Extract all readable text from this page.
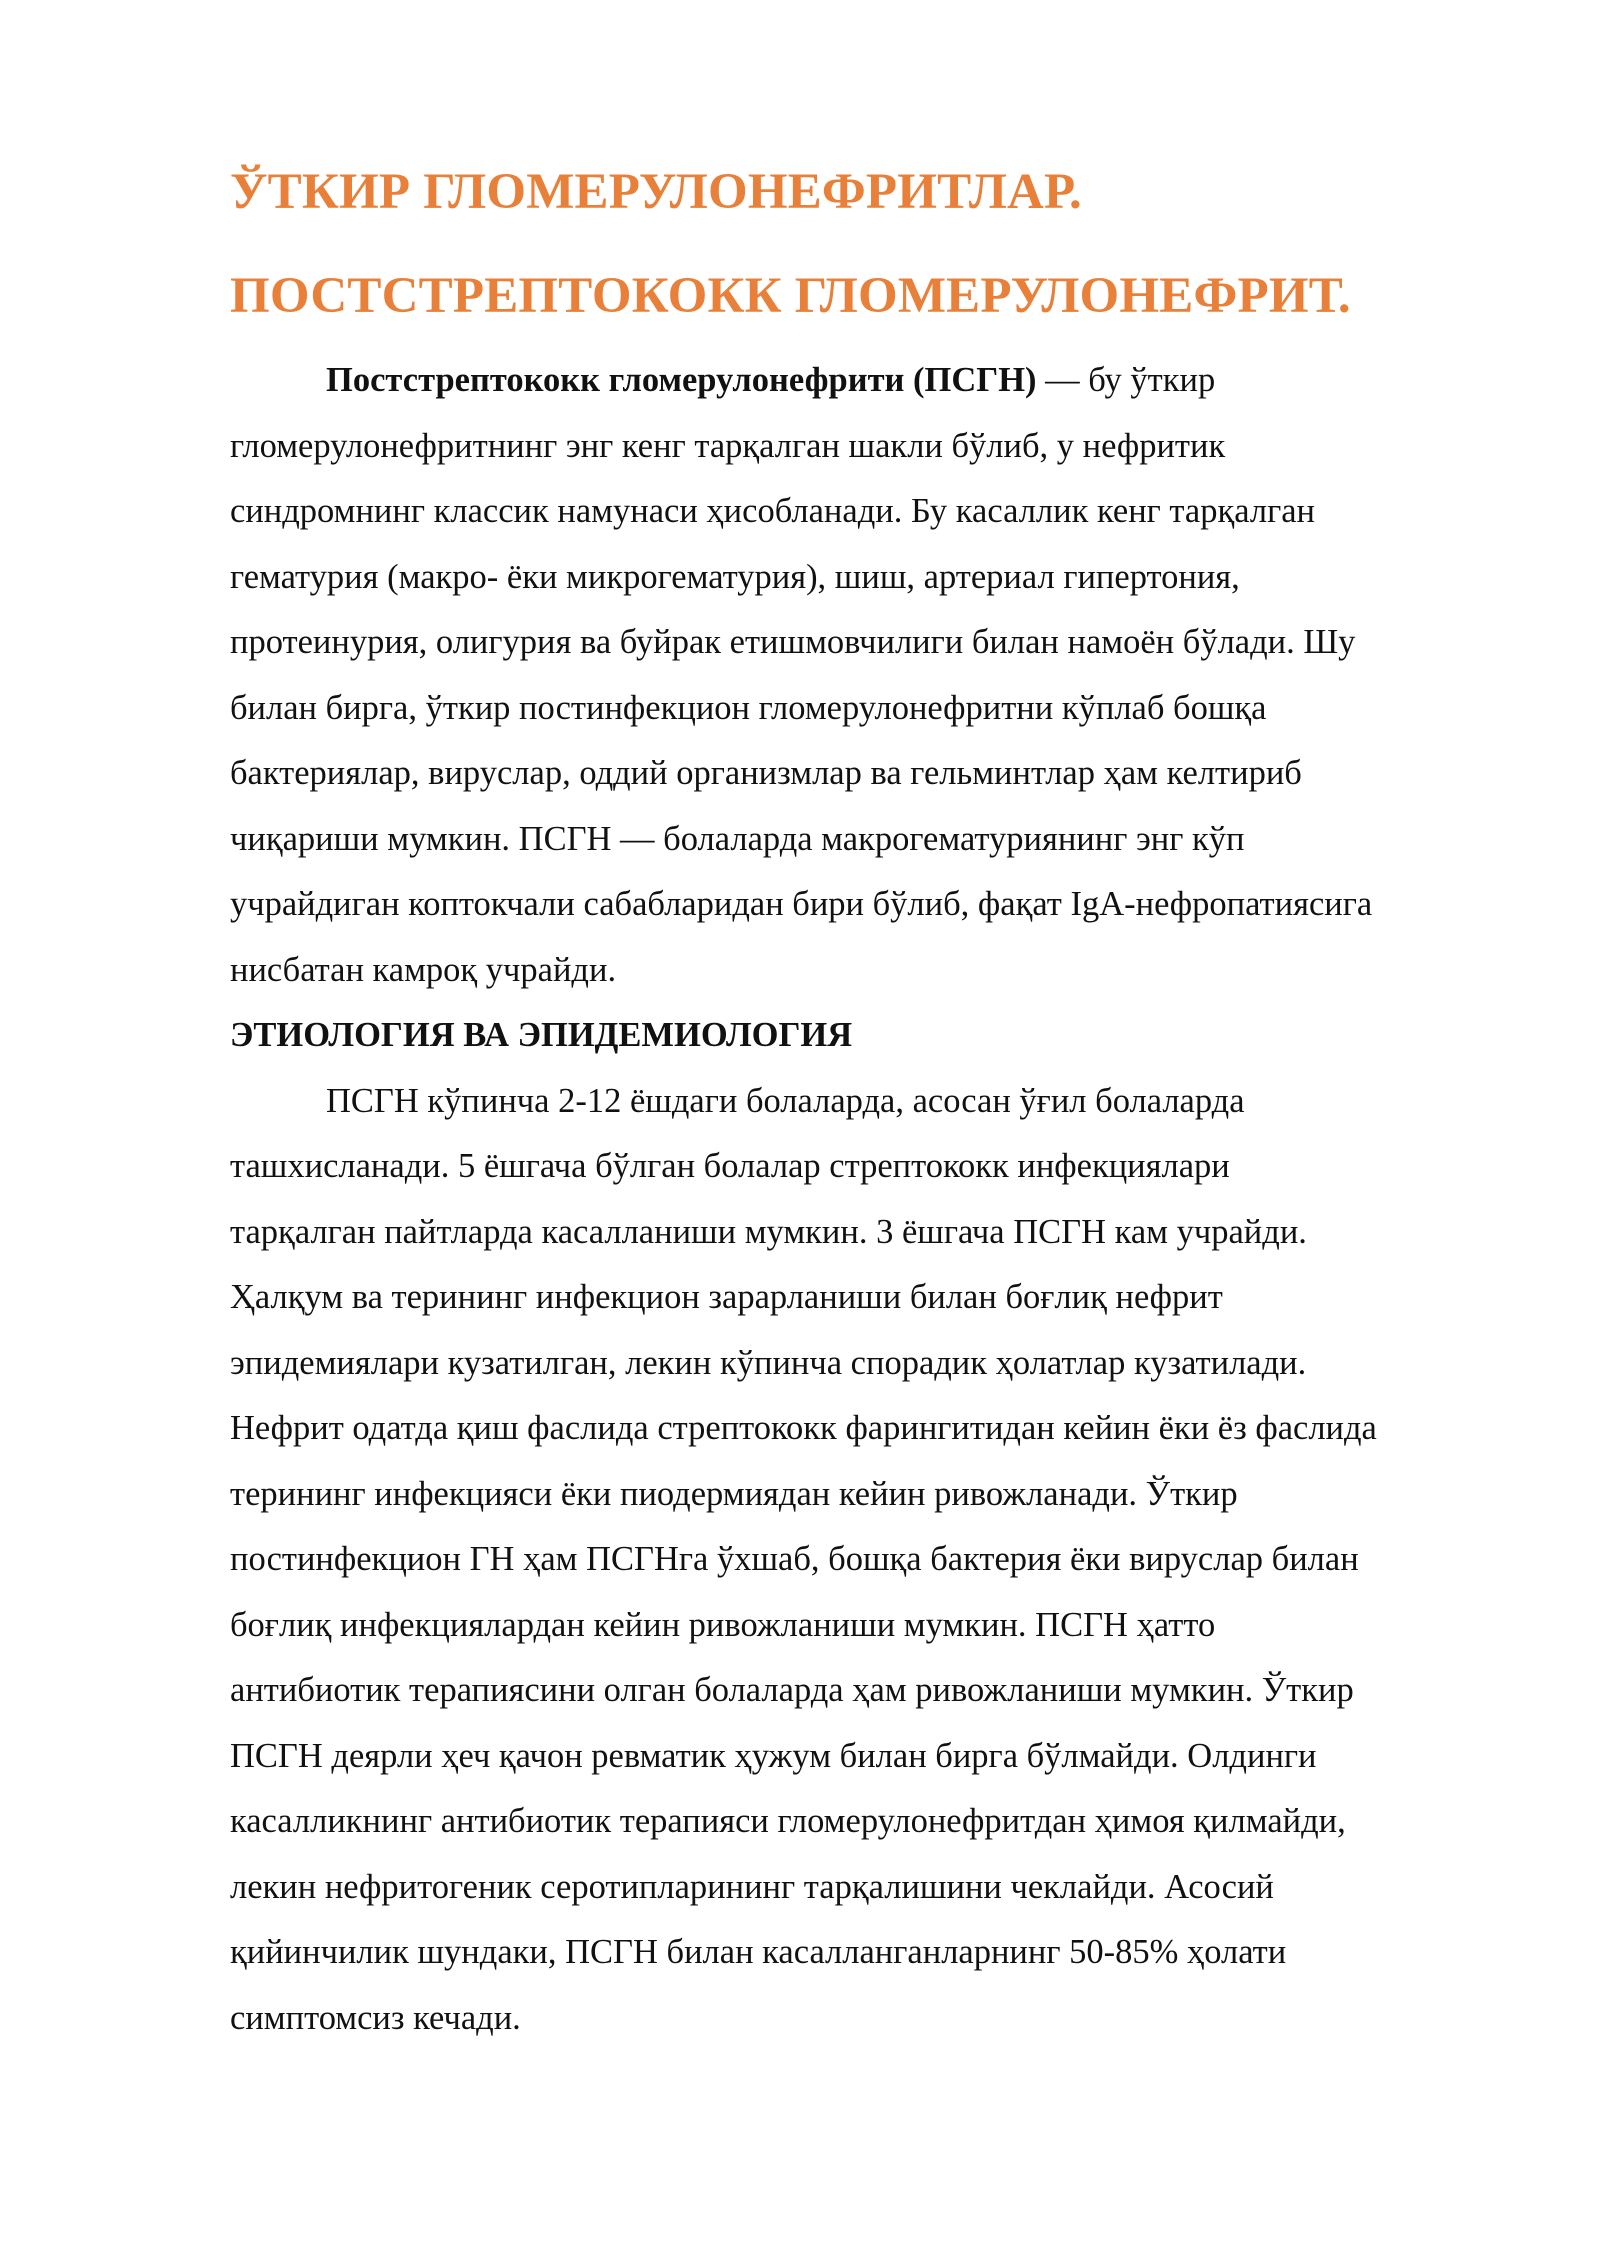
ЎТКИР ГЛОМЕРУЛОНЕФРИТЛАР.
ПОСТСТРЕПТОКОКК ГЛОМЕРУЛОНЕФРИТ.
Постстрептококк гломерулонефрити (ПСГН) — бу ўткир
гломерулонефритнинг энг кенг тарқалган шакли бўлиб, у нефритик
синдромнинг классик намунаси ҳисобланади. Бу касаллик кенг тарқалган
гематурия (макро- ёки микрогематурия), шиш, артериал гипертония,
протеинурия, олигурия ва буйрак етишмовчилиги билан намоён бўлади. Шу
билан бирга, ўткир постинфекцион гломерулонефритни кўплаб бошқа
бактериялар, вируслар, оддий организмлар ва гельминтлар ҳам келтириб
чиқариши мумкин. ПСГН — болаларда макрогематуриянинг энг кўп
учрайдиган коптокчали сабабларидан бири бўлиб, фақат IgA-нефропатиясига
нисбатан камроқ учрайди.
ЭТИОЛОГИЯ ВА ЭПИДЕМИОЛОГИЯ
ПСГН кўпинча 2-12 ёшдаги болаларда, асосан ўғил болаларда
ташхисланади. 5 ёшгача бўлган болалар стрептококк инфекциялари
тарқалган пайтларда касалланиши мумкин. 3 ёшгача ПСГН кам учрайди.
Ҳалқум ва терининг инфекцион зарарланиши билан боғлиқ нефрит
эпидемиялари кузатилган, лекин кўпинча спорадик ҳолатлар кузатилади.
Нефрит одатда қиш фаслида стрептококк фарингитидан кейин ёки ёз фаслида
терининг инфекцияси ёки пиодермиядан кейин ривожланади. Ўткир
постинфекцион ГН ҳам ПСГНга ўхшаб, бошқа бактерия ёки вируслар билан
боғлиқ инфекциялардан кейин ривожланиши мумкин. ПСГН ҳатто
антибиотик терапиясини олган болаларда ҳам ривожланиши мумкин. Ўткир
ПСГН деярли ҳеч қачон ревматик ҳужум билан бирга бўлмайди. Олдинги
касалликнинг антибиотик терапияси гломерулонефритдан ҳимоя қилмайди,
лекин нефритогеник серотипларининг тарқалишини чеклайди. Асосий
қийинчилик шундаки, ПСГН билан касалланганларнинг 50-85% ҳолати
симптомсиз кечади.
